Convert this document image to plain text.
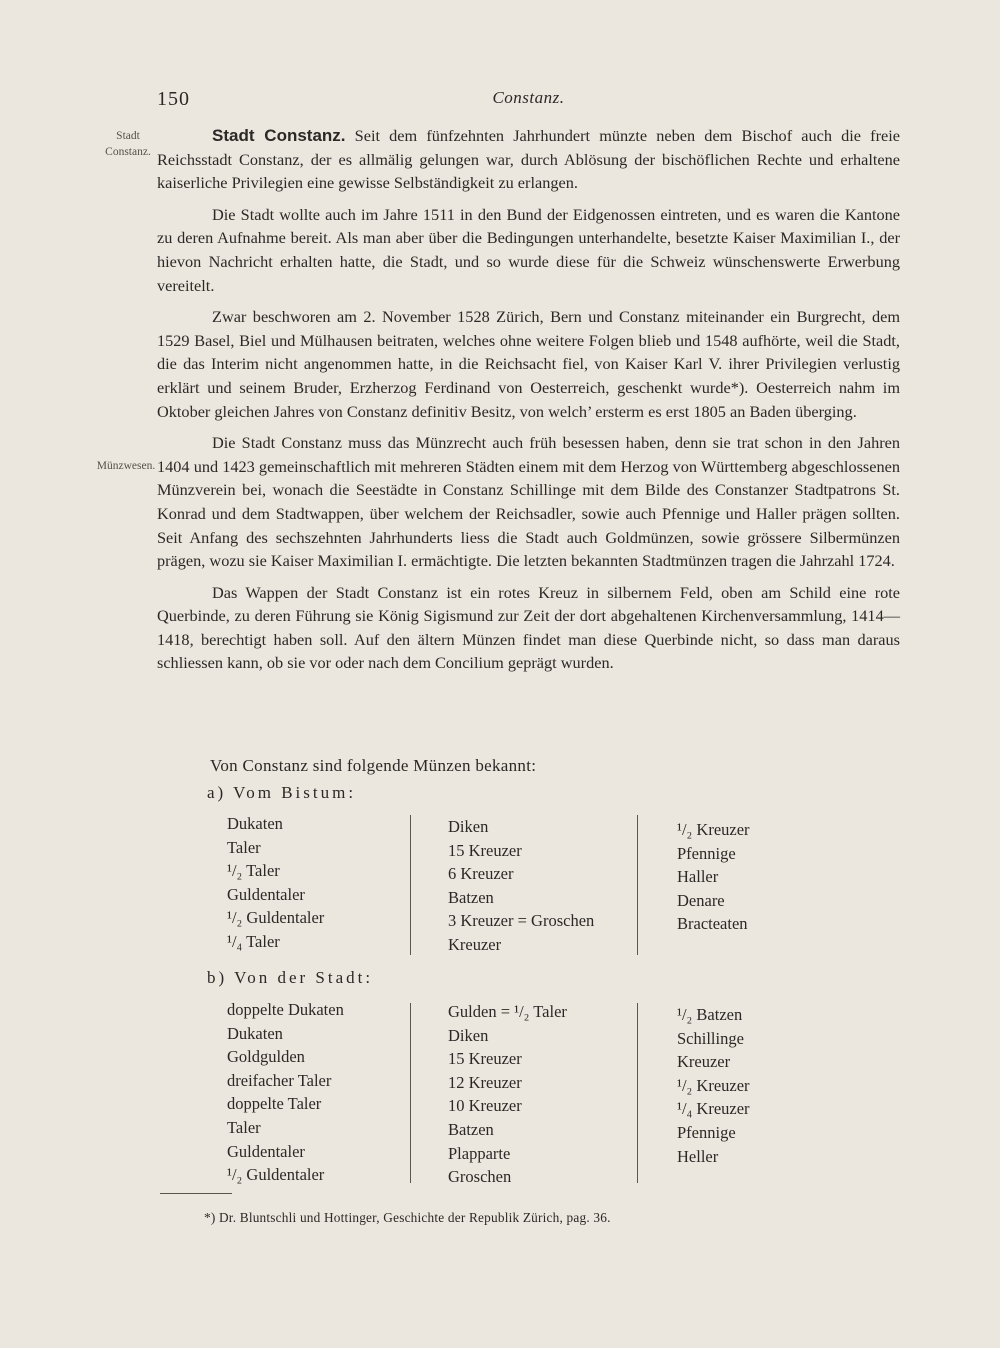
150	Constanz.
Stadt
Constanz.
Münzwesen.

Stadt Constanz. Seit dem fünfzehnten Jahrhundert münzte neben dem Bischof auch die freie Reichsstadt Constanz, der es allmälig gelungen war, durch Ablösung der bischöflichen Rechte und erhaltene kaiserliche Privilegien eine gewisse Selbständigkeit zu erlangen.

Die Stadt wollte auch im Jahre 1511 in den Bund der Eidgenossen eintreten, und es waren die Kantone zu deren Aufnahme bereit. Als man aber über die Bedingungen unterhandelte, besetzte Kaiser Maximilian I., der hievon Nachricht erhalten hatte, die Stadt, und so wurde diese für die Schweiz wünschenswerte Erwerbung vereitelt.

Zwar beschworen am 2. November 1528 Zürich, Bern und Constanz miteinander ein Burgrecht, dem 1529 Basel, Biel und Mülhausen beitraten, welches ohne weitere Folgen blieb und 1548 aufhörte, weil die Stadt, die das Interim nicht angenommen hatte, in die Reichsacht fiel, von Kaiser Karl V. ihrer Privilegien verlustig erklärt und seinem Bruder, Erzherzog Ferdinand von Oesterreich, geschenkt wurde*). Oesterreich nahm im Oktober gleichen Jahres von Constanz definitiv Besitz, von welch’ ersterm es erst 1805 an Baden überging.

Die Stadt Constanz muss das Münzrecht auch früh besessen haben, denn sie trat schon in den Jahren 1404 und 1423 gemeinschaftlich mit mehreren Städten einem mit dem Herzog von Württemberg abgeschlossenen Münzverein bei, wonach die Seestädte in Constanz Schillinge mit dem Bilde des Constanzer Stadtpatrons St. Konrad und dem Stadtwappen, über welchem der Reichsadler, sowie auch Pfennige und Haller prägen sollten. Seit Anfang des sechszehnten Jahrhunderts liess die Stadt auch Goldmünzen, sowie grössere Silbermünzen prägen, wozu sie Kaiser Maximilian I. ermächtigte. Die letzten bekannten Stadtmünzen tragen die Jahrzahl 1724.

Das Wappen der Stadt Constanz ist ein rotes Kreuz in silbernem Feld, oben am Schild eine rote Querbinde, zu deren Führung sie König Sigismund zur Zeit der dort abgehaltenen Kirchenversammlung, 1414—1418, berechtigt haben soll. Auf den ältern Münzen findet man diese Querbinde nicht, so dass man daraus schliessen kann, ob sie vor oder nach dem Concilium geprägt wurden.

Von Constanz sind folgende Münzen bekannt:
a) Vom Bistum:
Dukaten
Taler
¹/₂ Taler
Guldentaler
¹/₂ Guldentaler
¹/₄ Taler
Diken
15 Kreuzer
6 Kreuzer
Batzen
3 Kreuzer = Groschen
Kreuzer
¹/₂ Kreuzer
Pfennige
Haller
Denare
Bracteaten
b) Von der Stadt:
doppelte Dukaten
Dukaten
Goldgulden
dreifacher Taler
doppelte Taler
Taler
Guldentaler
¹/₂ Guldentaler
Gulden = ¹/₂ Taler
Diken
15 Kreuzer
12 Kreuzer
10 Kreuzer
Batzen
Plapparte
Groschen
¹/₂ Batzen
Schillinge
Kreuzer
¹/₂ Kreuzer
¹/₄ Kreuzer
Pfennige
Heller
*) Dr. Bluntschli und Hottinger, Geschichte der Republik Zürich, pag. 36.
